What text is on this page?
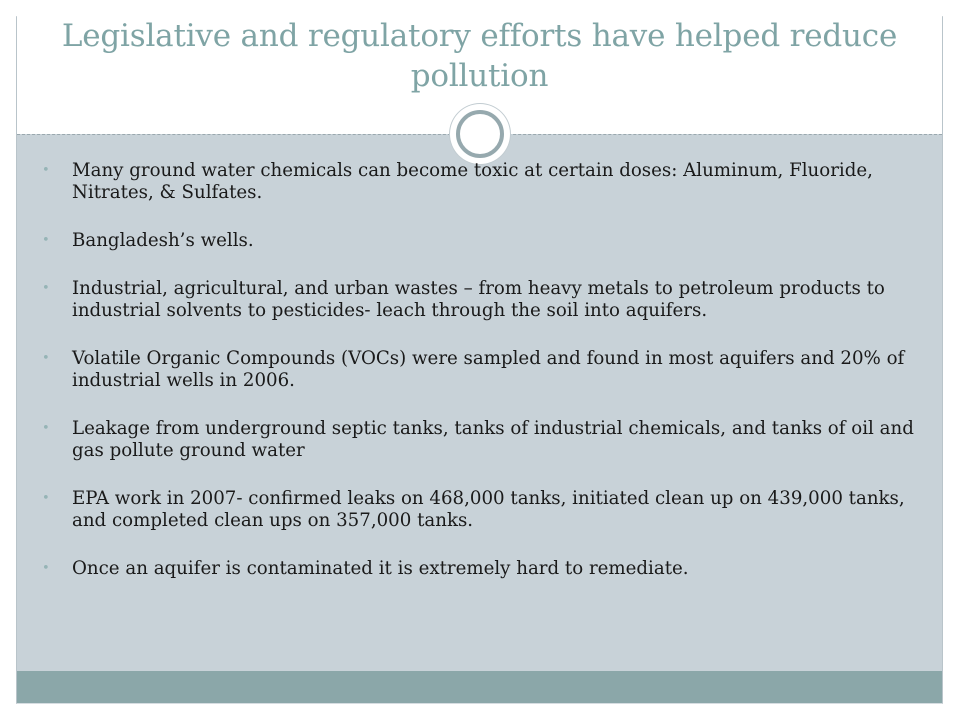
Legislative and regulatory efforts have helped reduce pollution
• Many ground water chemicals can become toxic at certain doses: Aluminum, Fluoride, Nitrates, & Sulfates.
• Bangladesh’s wells.
• Industrial, agricultural, and urban wastes – from heavy metals to petroleum products to industrial solvents to pesticides- leach through the soil into aquifers.
• Volatile Organic Compounds (VOCs) were sampled and found in most aquifers and 20% of industrial wells in 2006.
• Leakage from underground septic tanks, tanks of industrial chemicals, and tanks of oil and gas pollute ground water
• EPA work in 2007- confirmed leaks on 468,000 tanks, initiated clean up on 439,000 tanks, and completed clean ups on 357,000 tanks.
• Once an aquifer is contaminated it is extremely hard to remediate.
